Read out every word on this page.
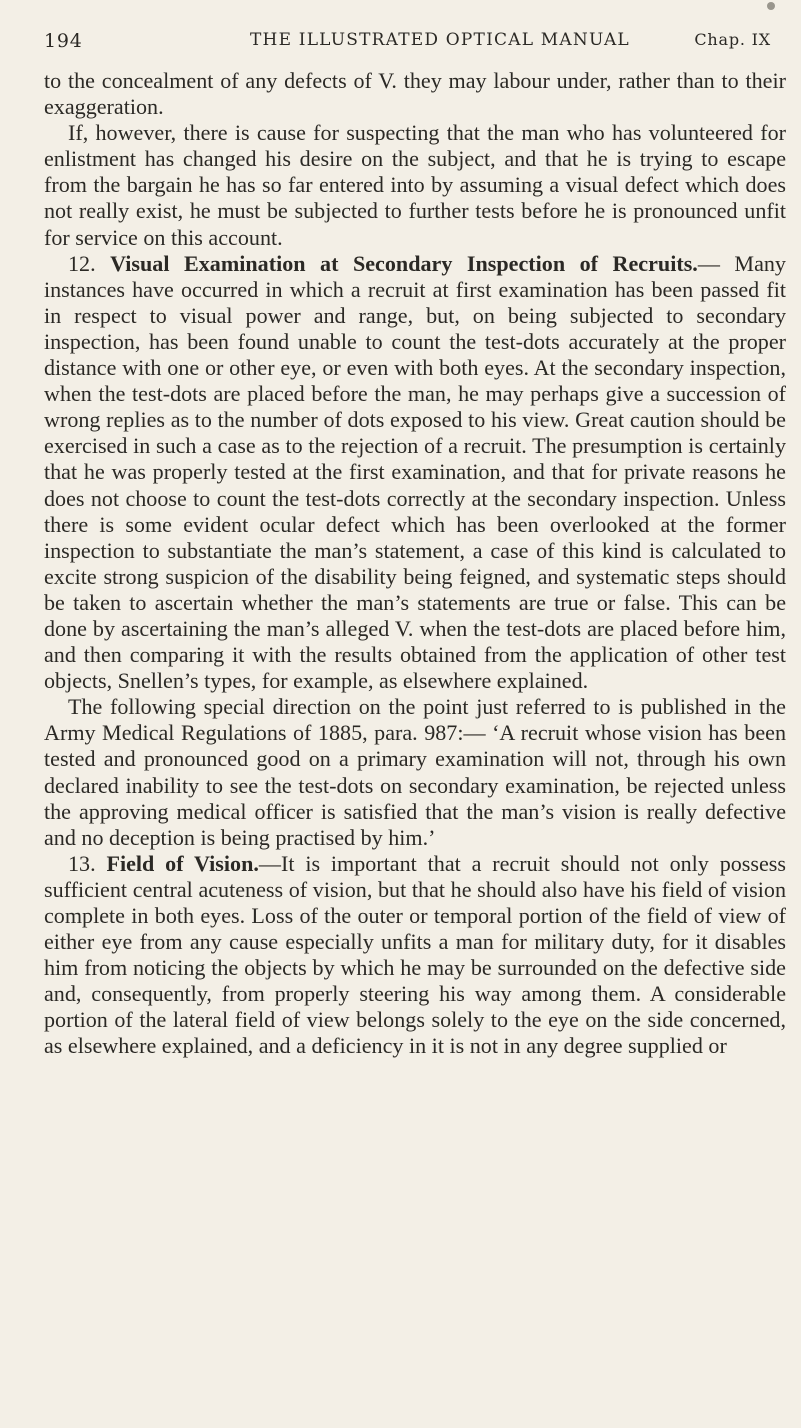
194	THE ILLUSTRATED OPTICAL MANUAL	Chap. IX

to the concealment of any defects of V. they may labour under, rather than to their exaggeration.

If, however, there is cause for suspecting that the man who has volunteered for enlistment has changed his desire on the subject, and that he is trying to escape from the bargain he has so far entered into by assuming a visual defect which does not really exist, he must be subjected to further tests before he is pronounced unfit for service on this account.

12. Visual Examination at Secondary Inspection of Recruits.— Many instances have occurred in which a recruit at first examination has been passed fit in respect to visual power and range, but, on being subjected to secondary inspection, has been found unable to count the test-dots accurately at the proper distance with one or other eye, or even with both eyes. At the secondary inspection, when the test-dots are placed before the man, he may perhaps give a succession of wrong replies as to the number of dots exposed to his view. Great caution should be exercised in such a case as to the rejection of a recruit. The presumption is certainly that he was properly tested at the first examination, and that for private reasons he does not choose to count the test-dots correctly at the secondary inspection. Unless there is some evident ocular defect which has been overlooked at the former inspection to substantiate the man’s statement, a case of this kind is calculated to excite strong suspicion of the disability being feigned, and systematic steps should be taken to ascertain whether the man’s statements are true or false. This can be done by ascertaining the man’s alleged V. when the test-dots are placed before him, and then comparing it with the results obtained from the application of other test objects, Snellen’s types, for example, as elsewhere explained.

The following special direction on the point just referred to is published in the Army Medical Regulations of 1885, para. 987:— ‘A recruit whose vision has been tested and pronounced good on a primary examination will not, through his own declared inability to see the test-dots on secondary examination, be rejected unless the approving medical officer is satisfied that the man’s vision is really defective and no deception is being practised by him.’

13. Field of Vision.—It is important that a recruit should not only possess sufficient central acuteness of vision, but that he should also have his field of vision complete in both eyes. Loss of the outer or temporal portion of the field of view of either eye from any cause especially unfits a man for military duty, for it disables him from noticing the objects by which he may be surrounded on the defective side and, consequently, from properly steering his way among them. A considerable portion of the lateral field of view belongs solely to the eye on the side concerned, as elsewhere explained, and a deficiency in it is not in any degree supplied or
